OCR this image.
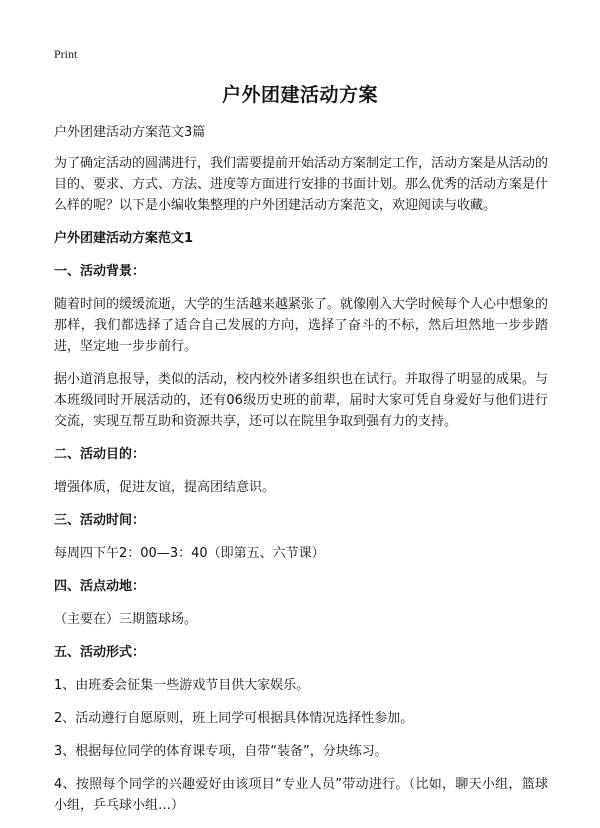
Print
户外团建活动方案

户外团建活动方案范文3篇

为了确定活动的圆满进行，我们需要提前开始活动方案制定工作，活动方案是从活动的目的、要求、方式、方法、进度等方面进行安排的书面计划。那么优秀的活动方案是什么样的呢？以下是小编收集整理的户外团建活动方案范文，欢迎阅读与收藏。

户外团建活动方案范文1

一、活动背景：

随着时间的缓缓流逝，大学的生活越来越紧张了。就像刚入大学时候每个人心中想象的那样，我们都选择了适合自己发展的方向，选择了奋斗的不标，然后坦然地一步步踏进，坚定地一步步前行。

据小道消息报导，类似的活动，校内校外诸多组织也在试行。并取得了明显的成果。与本班级同时开展活动的，还有06级历史班的前辈，届时大家可凭自身爱好与他们进行交流，实现互帮互助和资源共享，还可以在院里争取到强有力的支持。

二、活动目的：

增强体质，促进友谊，提高团结意识。

三、活动时间：

每周四下午2：00—3：40（即第五、六节课）

四、活点动地：

（主要在）三期篮球场。

五、活动形式：

1、由班委会征集一些游戏节目供大家娱乐。

2、活动遵行自愿原则，班上同学可根据具体情况选择性参加。

3、根据每位同学的体育课专项，自带“装备”，分块练习。

4、按照每个同学的兴趣爱好由该项目“专业人员”带动进行。（比如，聊天小组，篮球小组，乒乓球小组…）
